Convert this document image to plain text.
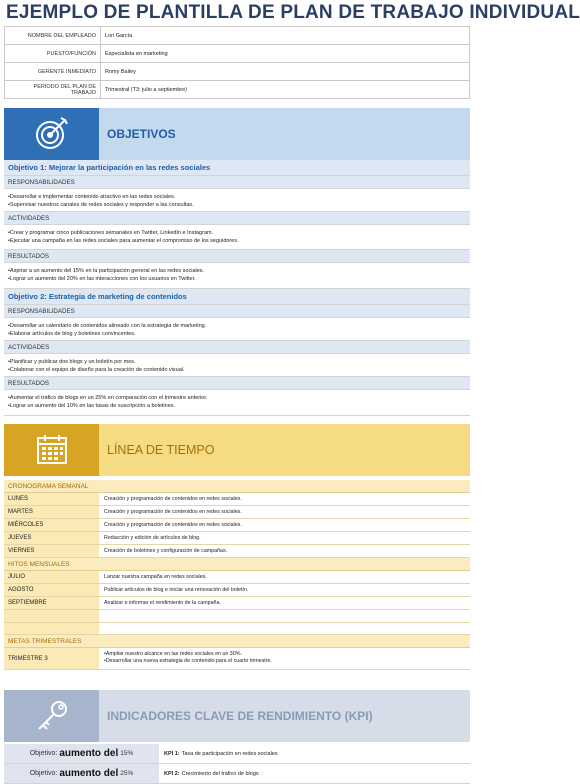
EJEMPLO DE PLANTILLA DE PLAN DE TRABAJO INDIVIDUAL
NOMBRE DEL EMPLEADO	Lori García
PUESTO/FUNCIÓN	Especialista en marketing
GERENTE INMEDIATO	Romy Bailey
PERÍODO DEL PLAN DE TRABAJO	Trimestral (T3: julio a septiembre)
OBJETIVOS
Objetivo 1: Mejorar la participación en las redes sociales
RESPONSABILIDADES
•Desarrollar e implementar contenido atractivo en las redes sociales.
•Supervisar nuestros canales de redes sociales y responder a las consultas.
ACTIVIDADES
•Crear y programar cinco publicaciones semanales en Twitter, LinkedIn e Instagram.
•Ejecutar una campaña en las redes sociales para aumentar el compromiso de los seguidores.
RESULTADOS
•Aspirar a un aumento del 15% en la participación general en las redes sociales.
•Lograr un aumento del 20% en las interacciones con los usuarios en Twitter.
Objetivo 2: Estrategia de marketing de contenidos
RESPONSABILIDADES
•Desarrollar un calendario de contenidos alineado con la estrategia de marketing.
•Elaborar artículos de blog y boletines convincentes.
ACTIVIDADES
•Planificar y publicar dos blogs y un boletín por mes.
•Colaborar con el equipo de diseño para la creación de contenido visual.
RESULTADOS
•Aumentar el tráfico de blogs en un 25% en comparación con el trimestre anterior.
•Lograr un aumento del 10% en las tasas de suscripción a boletines.
LÍNEA DE TIEMPO
CRONOGRAMA SEMANAL
LUNES	Creación y programación de contenidos en redes sociales.
MARTES	Creación y programación de contenidos en redes sociales.
MIÉRCOLES	Creación y programación de contenidos en redes sociales.
JUEVES	Redacción y edición de artículos de blog.
VIERNES	Creación de boletines y configuración de campañas.
HITOS MENSUALES
JULIO	Lanzar nuestra campaña en redes sociales.
AGOSTO	Publicar artículos de blog e iniciar una renovación del boletín.
SEPTIEMBRE	Analizar e informar el rendimiento de la campaña.
METAS TRIMESTRALES
TRIMESTRE 3
•Ampliar nuestro alcance en las redes sociales en un 30%.
•Desarrollar una nueva estrategia de contenido para el cuarto trimestre.
INDICADORES CLAVE DE RENDIMIENTO (KPI)
Objetivo: aumento del 15%	KPI 1: Tasa de participación en redes sociales
Objetivo: aumento del 25%	KPI 2: Crecimiento del tráfico de blogs
